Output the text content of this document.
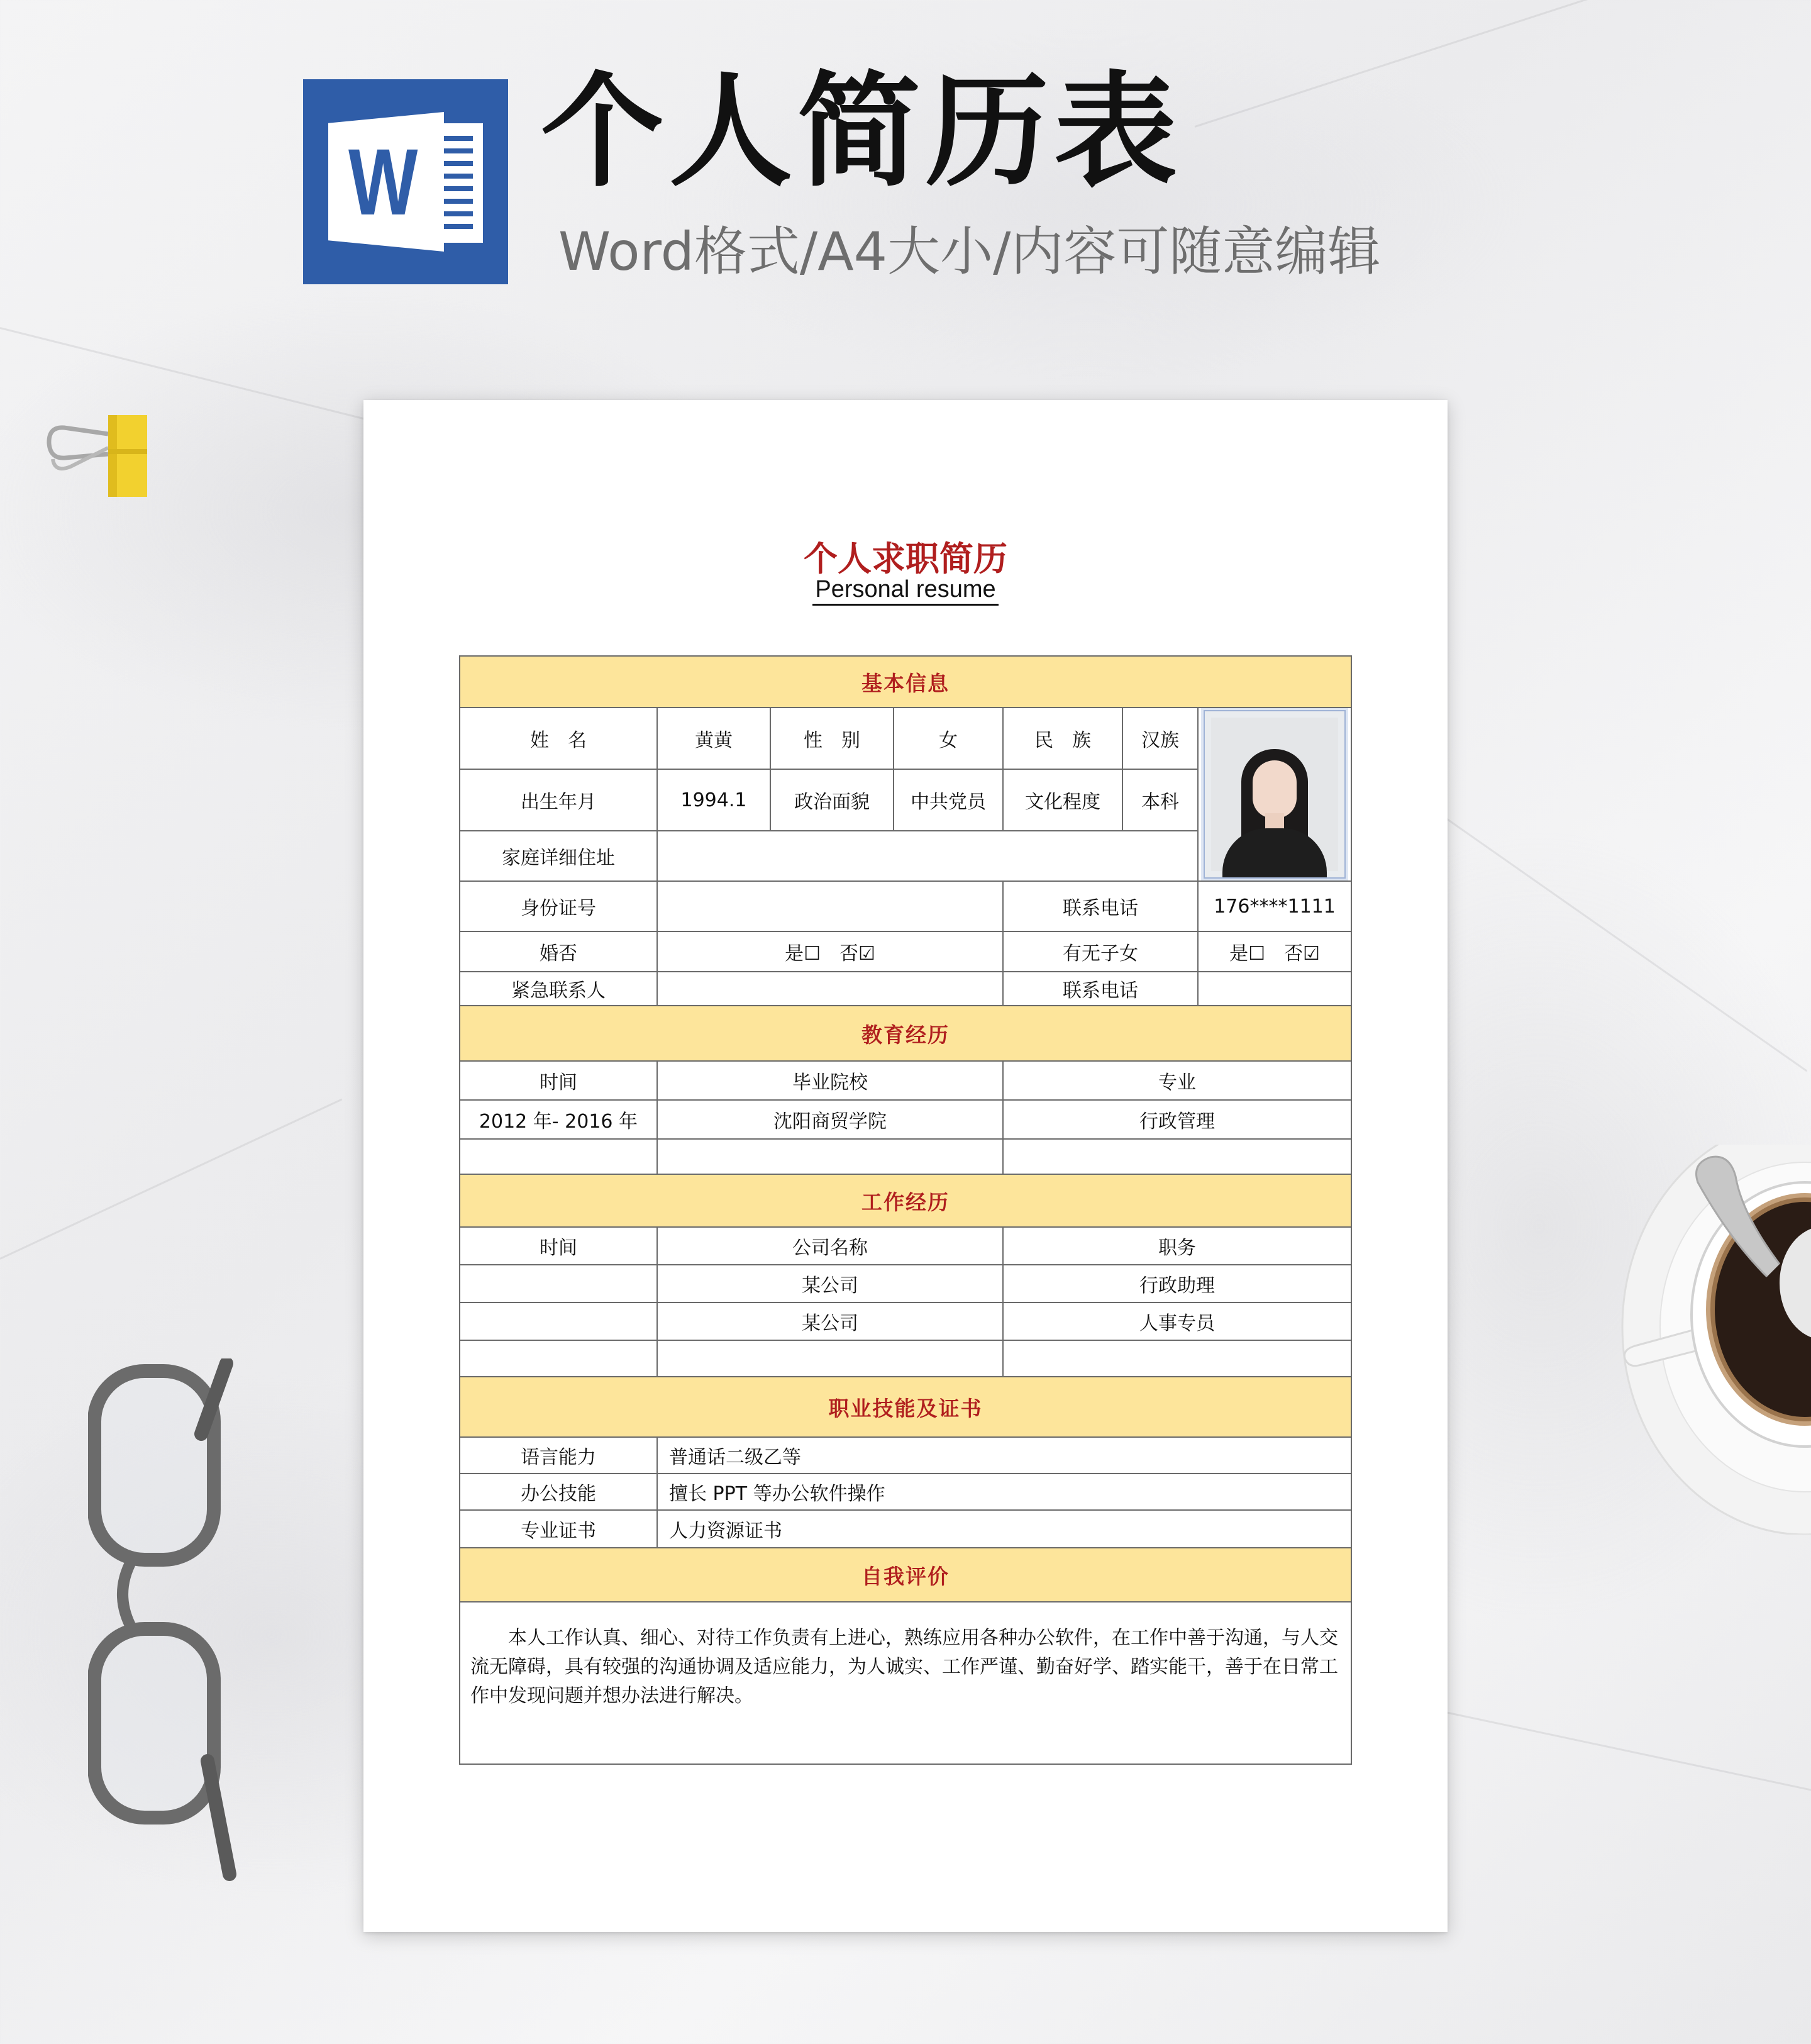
W 个人简历表
Word格式/A4大小/内容可随意编辑
个人求职简历
Personal resume
基本信息						
姓　名	黄黄	性　别	女	民　族	汉族	

出生年月	1994.1	政治面貌	中共党员	文化程度	本科	
家庭详细住址						
身份证号				联系电话		176****1111
婚否	是☐　否☑			有无子女		是☐　否☑
紧急联系人				联系电话		
教育经历						
时间	毕业院校			专业		
2012 年- 2016 年	沈阳商贸学院			行政管理		

工作经历						
时间	公司名称			职务		
	某公司			行政助理		
	某公司			人事专员		

职业技能及证书						
语言能力	普通话二级乙等					
办公技能	擅长 PPT 等办公软件操作					
专业证书	人力资源证书					
自我评价						
本人工作认真、细心、对待工作负责有上进心，熟练应用各种办公软件，在工作中善于沟通，与人交流无障碍，具有较强的沟通协调及适应能力，为人诚实、工作严谨、勤奋好学、踏实能干，善于在日常工作中发现问题并想办法进行解决。						
